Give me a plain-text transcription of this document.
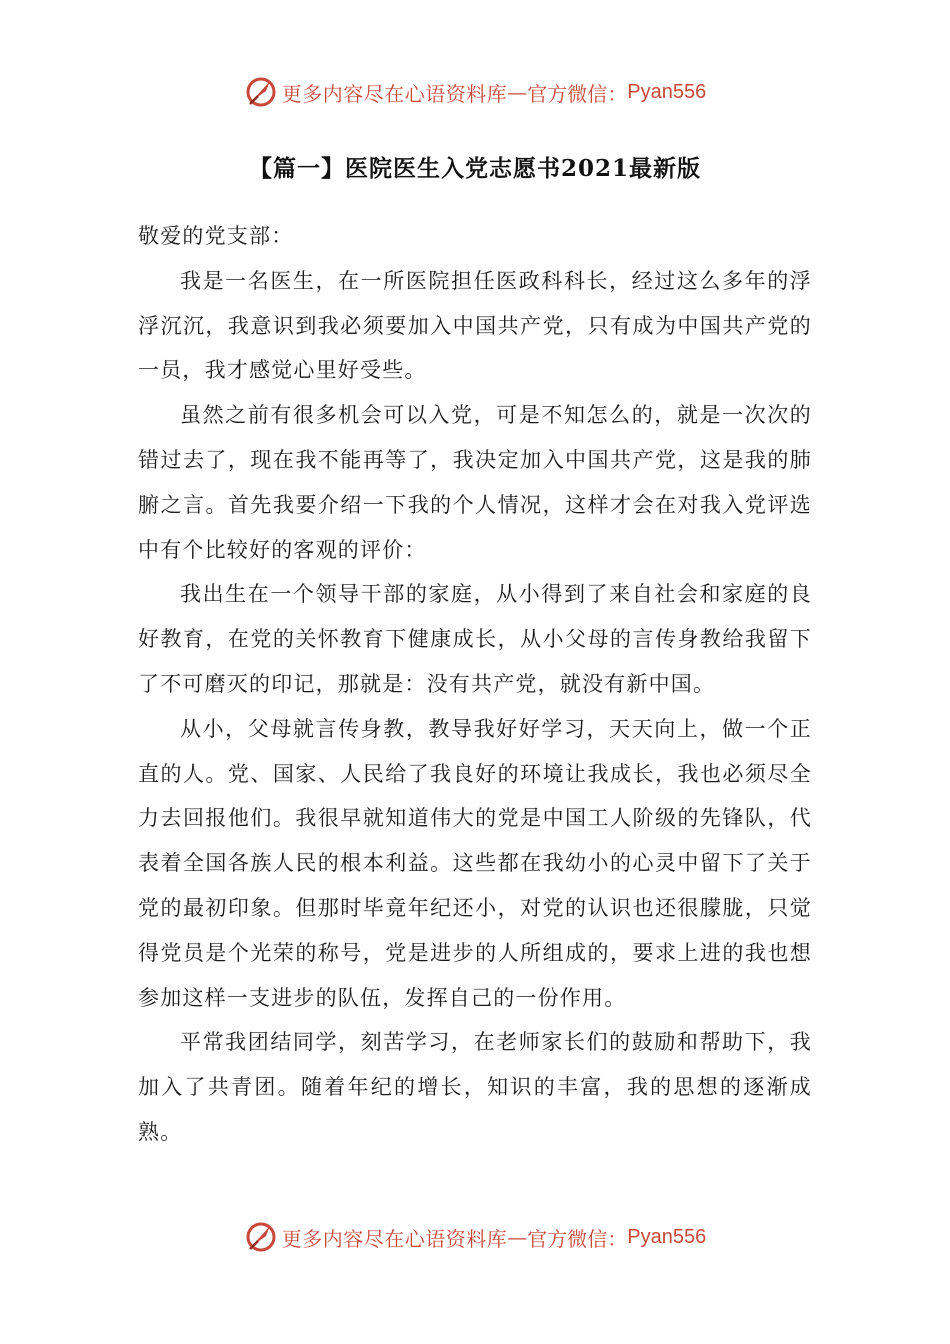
更多内容尽在心语资料库 — 官方微信： Pyan556
【篇一】医院医生入党志愿书2021最新版

敬爱的党支部：

我是一名医生，在一所医院担任医政科科长，经过这么多年的浮浮沉沉，我意识到我必须要加入中国共产党，只有成为中国共产党的一员，我才感觉心里好受些。

虽然之前有很多机会可以入党，可是不知怎么的，就是一次次的错过去了，现在我不能再等了，我决定加入中国共产党，这是我的肺腑之言。首先我要介绍一下我的个人情况，这样才会在对我入党评选中有个比较好的客观的评价：

我出生在一个领导干部的家庭，从小得到了来自社会和家庭的良好教育，在党的关怀教育下健康成长，从小父母的言传身教给我留下了不可磨灭的印记，那就是：没有共产党，就没有新中国。

从小，父母就言传身教，教导我好好学习，天天向上，做一个正直的人。党、国家、人民给了我良好的环境让我成长，我也必须尽全力去回报他们。我很早就知道伟大的党是中国工人阶级的先锋队，代表着全国各族人民的根本利益。这些都在我幼小的心灵中留下了关于党的最初印象。但那时毕竟年纪还小，对党的认识也还很朦胧，只觉得党员是个光荣的称号，党是进步的人所组成的，要求上进的我也想参加这样一支进步的队伍，发挥自己的一份作用。

平常我团结同学，刻苦学习，在老师家长们的鼓励和帮助下，我加入了共青团。随着年纪的增长，知识的丰富，我的思想的逐渐成熟。

更多内容尽在心语资料库 — 官方微信： Pyan556
